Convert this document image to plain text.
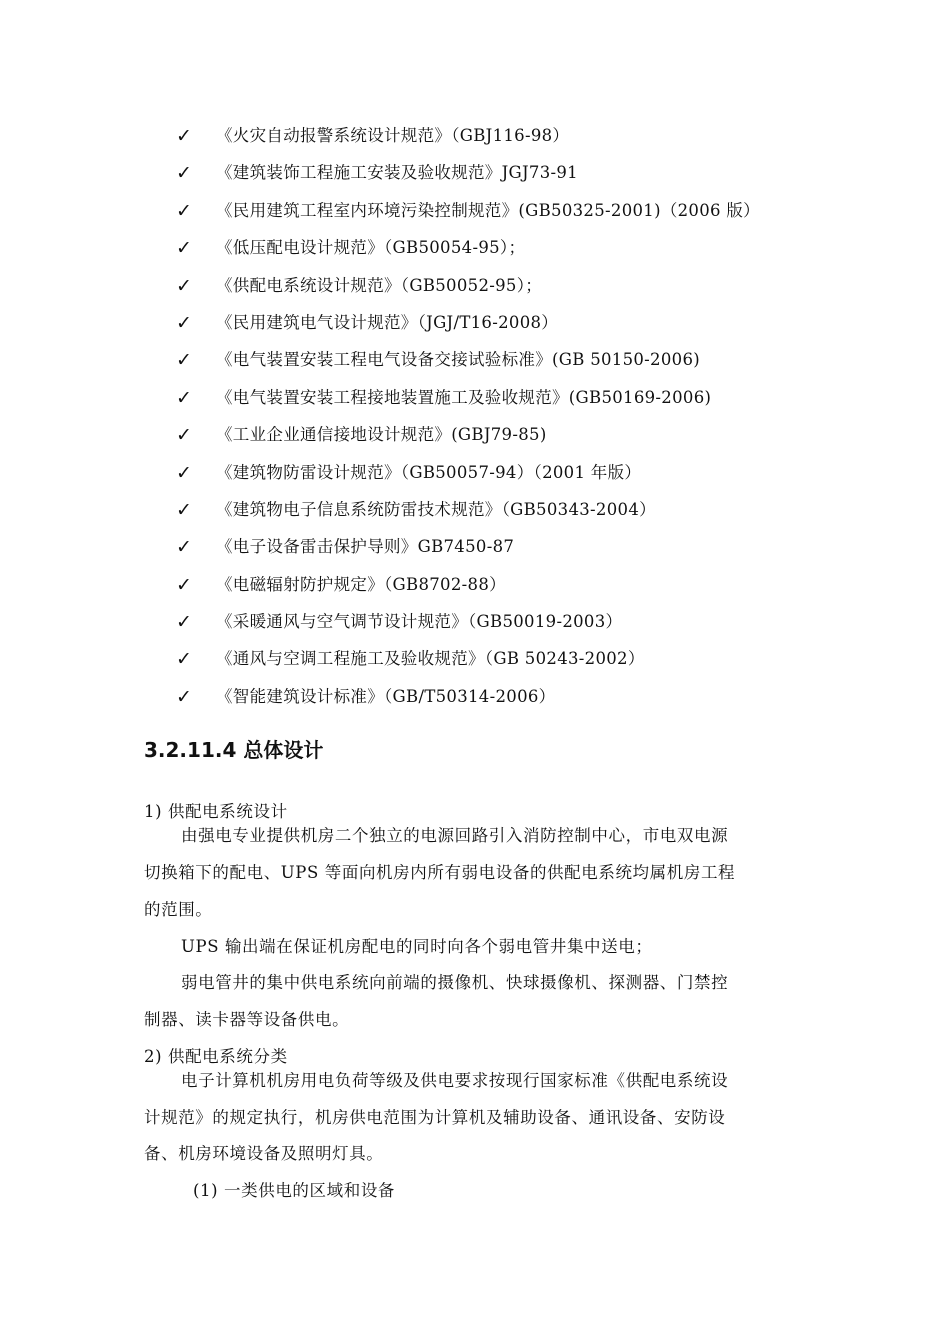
✓ 《火灾自动报警系统设计规范》（GBJ116-98）
✓ 《建筑装饰工程施工安装及验收规范》JGJ73-91
✓ 《民用建筑工程室内环境污染控制规范》(GB50325-2001)（2006 版）
✓ 《低压配电设计规范》（GB50054-95）；
✓ 《供配电系统设计规范》（GB50052-95）；
✓ 《民用建筑电气设计规范》（JGJ/T16-2008）
✓ 《电气装置安装工程电气设备交接试验标准》(GB 50150-2006)
✓ 《电气装置安装工程接地装置施工及验收规范》(GB50169-2006)
✓ 《工业企业通信接地设计规范》(GBJ79-85)
✓ 《建筑物防雷设计规范》（GB50057-94）（2001 年版）
✓ 《建筑物电子信息系统防雷技术规范》（GB50343-2004）
✓ 《电子设备雷击保护导则》GB7450-87
✓ 《电磁辐射防护规定》（GB8702-88）
✓ 《采暖通风与空气调节设计规范》（GB50019-2003）
✓ 《通风与空调工程施工及验收规范》（GB 50243-2002）
✓ 《智能建筑设计标准》（GB/T50314-2006）
3.2.11.4 总体设计
1) 供配电系统设计
由强电专业提供机房二个独立的电源回路引入消防控制中心，市电双电源
切换箱下的配电、UPS 等面向机房内所有弱电设备的供配电系统均属机房工程
的范围。
UPS 输出端在保证机房配电的同时向各个弱电管井集中送电；
弱电管井的集中供电系统向前端的摄像机、快球摄像机、探测器、门禁控
制器、读卡器等设备供电。
2) 供配电系统分类
电子计算机机房用电负荷等级及供电要求按现行国家标准《供配电系统设
计规范》的规定执行，机房供电范围为计算机及辅助设备、通讯设备、安防设
备、机房环境设备及照明灯具。
(1) 一类供电的区域和设备
